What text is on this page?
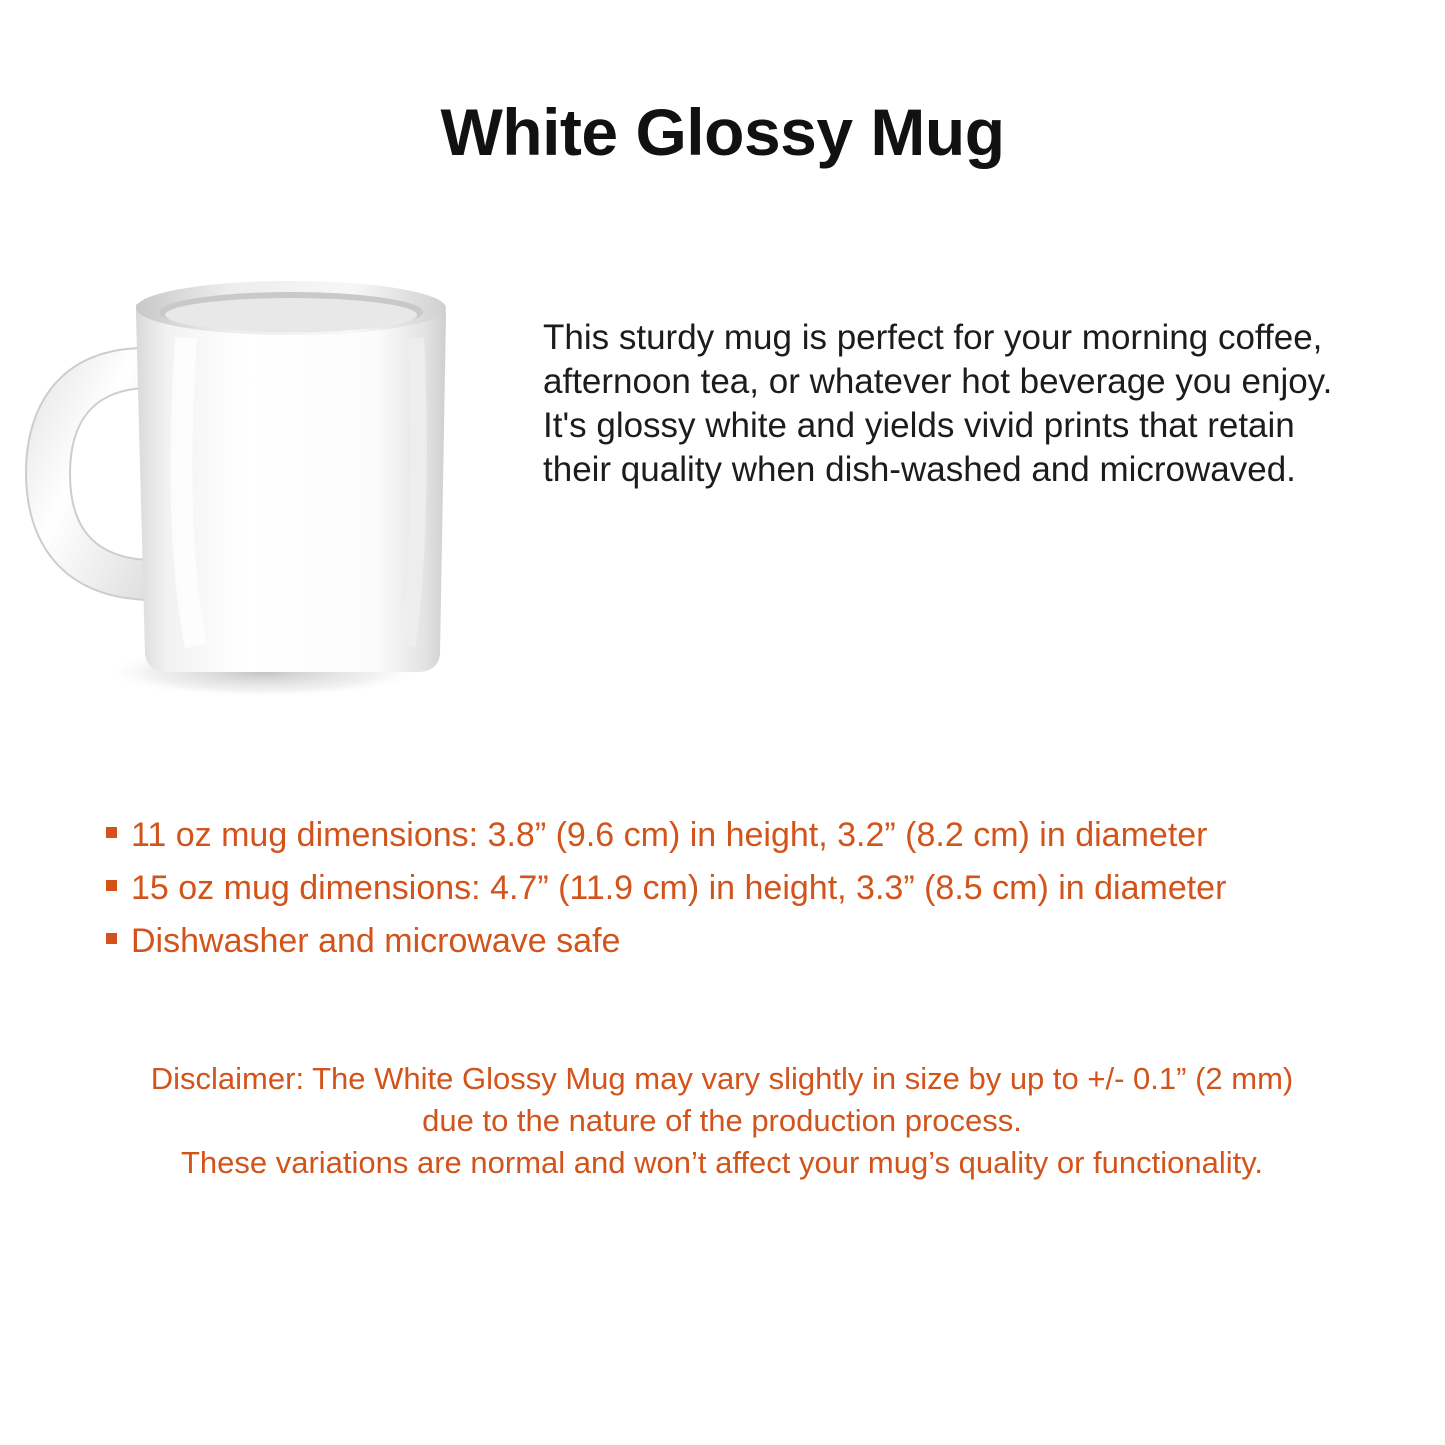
White Glossy Mug
This sturdy mug is perfect for your morning coffee, afternoon tea, or whatever hot beverage you enjoy. It's glossy white and yields vivid prints that retain their quality when dish-washed and microwaved.
11 oz mug dimensions: 3.8” (9.6 cm) in height, 3.2” (8.2 cm) in diameter
15 oz mug dimensions: 4.7” (11.9 cm) in height, 3.3” (8.5 cm) in diameter
Dishwasher and microwave safe
Disclaimer: The White Glossy Mug may vary slightly in size by up to +/- 0.1” (2 mm)
due to the nature of the production process.
These variations are normal and won’t affect your mug’s quality or functionality.
